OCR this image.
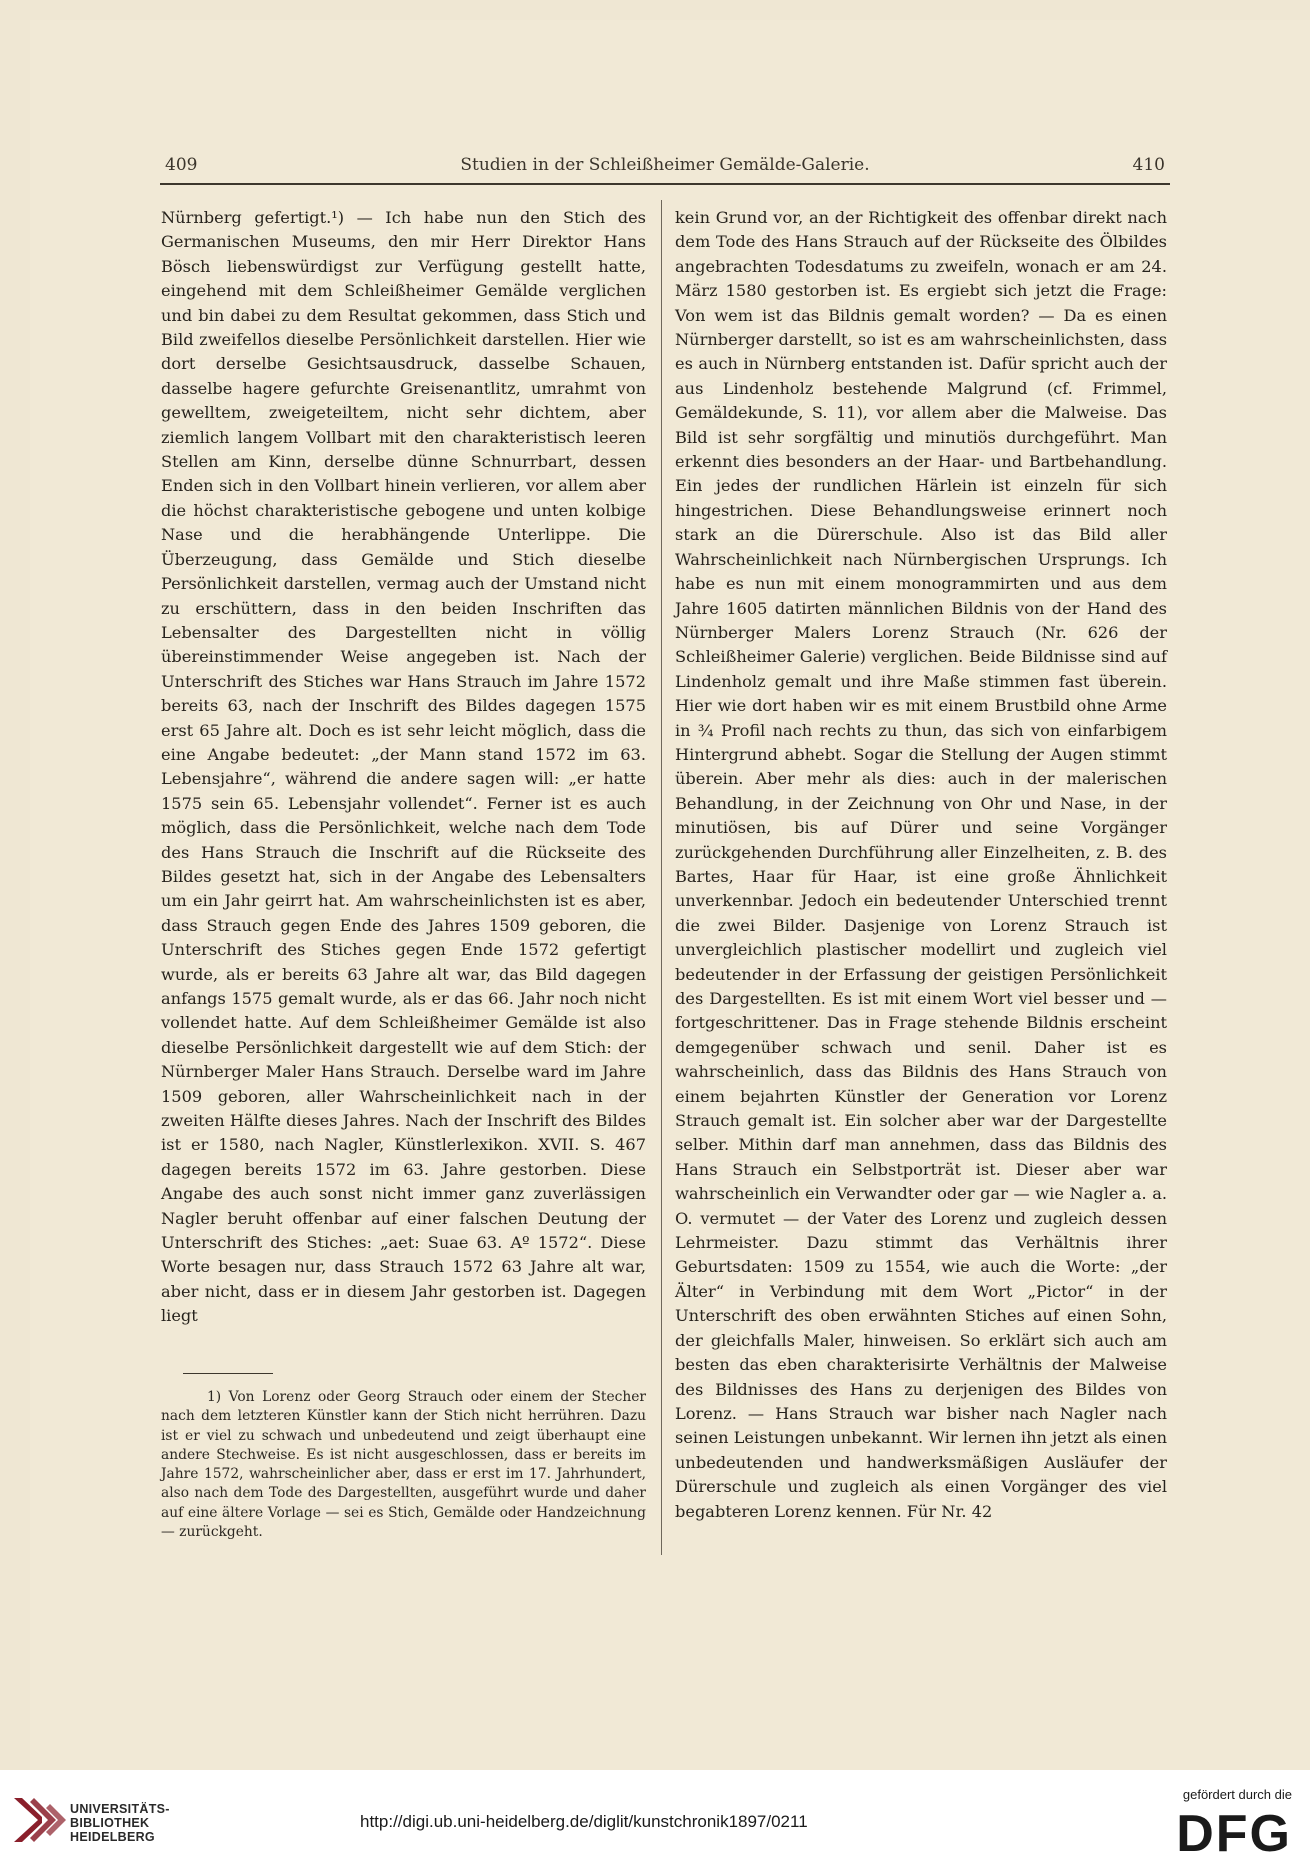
409	Studien in der Schleißheimer Gemälde-Galerie.	410

Nürnberg gefertigt.¹) — Ich habe nun den Stich des Germanischen Museums, den mir Herr Direktor Hans Bösch liebenswürdigst zur Verfügung gestellt hatte, eingehend mit dem Schleißheimer Gemälde verglichen und bin dabei zu dem Resultat gekommen, dass Stich und Bild zweifellos dieselbe Persönlichkeit darstellen. Hier wie dort derselbe Gesichtsausdruck, dasselbe Schauen, dasselbe hagere gefurchte Greisenantlitz, umrahmt von gewelltem, zweigeteiltem, nicht sehr dichtem, aber ziemlich langem Vollbart mit den charakteristisch leeren Stellen am Kinn, derselbe dünne Schnurrbart, dessen Enden sich in den Vollbart hinein verlieren, vor allem aber die höchst charakteristische gebogene und unten kolbige Nase und die herabhängende Unterlippe. Die Überzeugung, dass Gemälde und Stich dieselbe Persönlichkeit darstellen, vermag auch der Umstand nicht zu erschüttern, dass in den beiden Inschriften das Lebensalter des Dargestellten nicht in völlig übereinstimmender Weise angegeben ist. Nach der Unterschrift des Stiches war Hans Strauch im Jahre 1572 bereits 63, nach der Inschrift des Bildes dagegen 1575 erst 65 Jahre alt. Doch es ist sehr leicht möglich, dass die eine Angabe bedeutet: „der Mann stand 1572 im 63. Lebensjahre“, während die andere sagen will: „er hatte 1575 sein 65. Lebensjahr vollendet“. Ferner ist es auch möglich, dass die Persönlichkeit, welche nach dem Tode des Hans Strauch die Inschrift auf die Rückseite des Bildes gesetzt hat, sich in der Angabe des Lebensalters um ein Jahr geirrt hat. Am wahrscheinlichsten ist es aber, dass Strauch gegen Ende des Jahres 1509 geboren, die Unterschrift des Stiches gegen Ende 1572 gefertigt wurde, als er bereits 63 Jahre alt war, das Bild dagegen anfangs 1575 gemalt wurde, als er das 66. Jahr noch nicht vollendet hatte. Auf dem Schleißheimer Gemälde ist also dieselbe Persönlichkeit dargestellt wie auf dem Stich: der Nürnberger Maler Hans Strauch. Derselbe ward im Jahre 1509 geboren, aller Wahrscheinlichkeit nach in der zweiten Hälfte dieses Jahres. Nach der Inschrift des Bildes ist er 1580, nach Nagler, Künstlerlexikon. XVII. S. 467 dagegen bereits 1572 im 63. Jahre gestorben. Diese Angabe des auch sonst nicht immer ganz zuverlässigen Nagler beruht offenbar auf einer falschen Deutung der Unterschrift des Stiches: „aet: Suae 63. Aº 1572“. Diese Worte besagen nur, dass Strauch 1572 63 Jahre alt war, aber nicht, dass er in diesem Jahr gestorben ist. Dagegen liegt

1) Von Lorenz oder Georg Strauch oder einem der Stecher nach dem letzteren Künstler kann der Stich nicht herrühren. Dazu ist er viel zu schwach und unbedeutend und zeigt überhaupt eine andere Stechweise. Es ist nicht ausgeschlossen, dass er bereits im Jahre 1572, wahrscheinlicher aber, dass er erst im 17. Jahrhundert, also nach dem Tode des Dargestellten, ausgeführt wurde und daher auf eine ältere Vorlage — sei es Stich, Gemälde oder Handzeichnung — zurückgeht.

kein Grund vor, an der Richtigkeit des offenbar direkt nach dem Tode des Hans Strauch auf der Rückseite des Ölbildes angebrachten Todesdatums zu zweifeln, wonach er am 24. März 1580 gestorben ist. Es ergiebt sich jetzt die Frage: Von wem ist das Bildnis gemalt worden? — Da es einen Nürnberger darstellt, so ist es am wahrscheinlichsten, dass es auch in Nürnberg entstanden ist. Dafür spricht auch der aus Lindenholz bestehende Malgrund (cf. Frimmel, Gemäldekunde, S. 11), vor allem aber die Malweise. Das Bild ist sehr sorgfältig und minutiös durchgeführt. Man erkennt dies besonders an der Haar- und Bartbehandlung. Ein jedes der rundlichen Härlein ist einzeln für sich hingestrichen. Diese Behandlungsweise erinnert noch stark an die Dürerschule. Also ist das Bild aller Wahrscheinlichkeit nach Nürnbergischen Ursprungs. Ich habe es nun mit einem monogrammirten und aus dem Jahre 1605 datirten männlichen Bildnis von der Hand des Nürnberger Malers Lorenz Strauch (Nr. 626 der Schleißheimer Galerie) verglichen. Beide Bildnisse sind auf Lindenholz gemalt und ihre Maße stimmen fast überein. Hier wie dort haben wir es mit einem Brustbild ohne Arme in ¾ Profil nach rechts zu thun, das sich von einfarbigem Hintergrund abhebt. Sogar die Stellung der Augen stimmt überein. Aber mehr als dies: auch in der malerischen Behandlung, in der Zeichnung von Ohr und Nase, in der minutiösen, bis auf Dürer und seine Vorgänger zurückgehenden Durchführung aller Einzelheiten, z. B. des Bartes, Haar für Haar, ist eine große Ähnlichkeit unverkennbar. Jedoch ein bedeutender Unterschied trennt die zwei Bilder. Dasjenige von Lorenz Strauch ist unvergleichlich plastischer modellirt und zugleich viel bedeutender in der Erfassung der geistigen Persönlichkeit des Dargestellten. Es ist mit einem Wort viel besser und — fortgeschrittener. Das in Frage stehende Bildnis erscheint demgegenüber schwach und senil. Daher ist es wahrscheinlich, dass das Bildnis des Hans Strauch von einem bejahrten Künstler der Generation vor Lorenz Strauch gemalt ist. Ein solcher aber war der Dargestellte selber. Mithin darf man annehmen, dass das Bildnis des Hans Strauch ein Selbstporträt ist. Dieser aber war wahrscheinlich ein Verwandter oder gar — wie Nagler a. a. O. vermutet — der Vater des Lorenz und zugleich dessen Lehrmeister. Dazu stimmt das Verhältnis ihrer Geburtsdaten: 1509 zu 1554, wie auch die Worte: „der Älter“ in Verbindung mit dem Wort „Pictor“ in der Unterschrift des oben erwähnten Stiches auf einen Sohn, der gleichfalls Maler, hinweisen. So erklärt sich auch am besten das eben charakterisirte Verhältnis der Malweise des Bildnisses des Hans zu derjenigen des Bildes von Lorenz. — Hans Strauch war bisher nach Nagler nach seinen Leistungen unbekannt. Wir lernen ihn jetzt als einen unbedeutenden und handwerksmäßigen Ausläufer der Dürerschule und zugleich als einen Vorgänger des viel begabteren Lorenz kennen. Für Nr. 42

UNIVERSITÄTS-
BIBLIOTHEK
HEIDELBERG
http://digi.ub.uni-heidelberg.de/diglit/kunstchronik1897/0211
gefördert durch die
DFG
